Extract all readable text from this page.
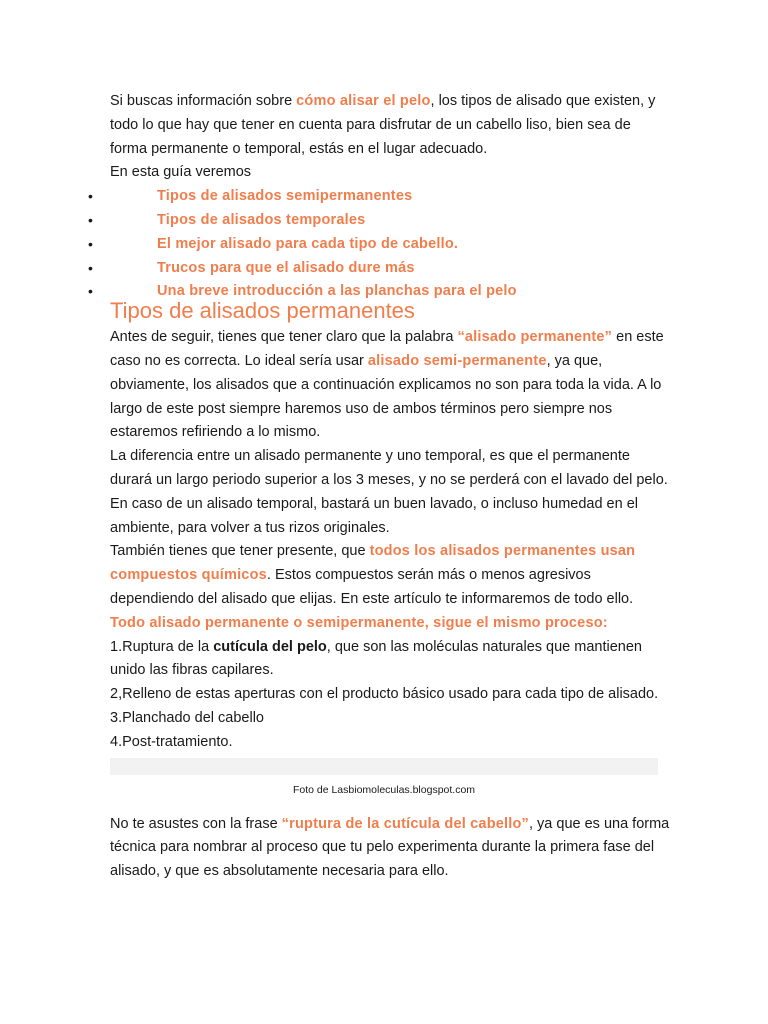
Si buscas información sobre cómo alisar el pelo, los tipos de alisado que existen, y todo lo que hay que tener en cuenta para disfrutar de un cabello liso, bien sea de forma permanente o temporal, estás en el lugar adecuado.

En esta guía veremos

•	Tipos de alisados semipermanentes
•	Tipos de alisados temporales
•	El mejor alisado para cada tipo de cabello.
•	Trucos para que el alisado dure más
•	Una breve introducción a las planchas para el pelo
Tipos de alisados permanentes

Antes de seguir, tienes que tener claro que la palabra “alisado permanente” en este caso no es correcta. Lo ideal sería usar alisado semi-permanente, ya que, obviamente, los alisados que a continuación explicamos no son para toda la vida. A lo largo de este post siempre haremos uso de ambos términos pero siempre nos estaremos refiriendo a lo mismo.

La diferencia entre un alisado permanente y uno temporal, es que el permanente durará un largo periodo superior a los 3 meses, y no se perderá con el lavado del pelo.

En caso de un alisado temporal, bastará un buen lavado, o incluso humedad en el ambiente, para volver a tus rizos originales.

También tienes que tener presente, que todos los alisados permanentes usan compuestos químicos. Estos compuestos serán más o menos agresivos dependiendo del alisado que elijas. En este artículo te informaremos de todo ello.

Todo alisado permanente o semipermanente, sigue el mismo proceso:

1.Ruptura de la cutícula del pelo, que son las moléculas naturales que mantienen unido las fibras capilares.

2,Relleno de estas aperturas con el producto básico usado para cada tipo de alisado.

3.Planchado del cabello

4.Post-tratamiento.

Foto de Lasbiomoleculas.blogspot.com

No te asustes con la frase “ruptura de la cutícula del cabello”, ya que es una forma técnica para nombrar al proceso que tu pelo experimenta durante la primera fase del alisado, y que es absolutamente necesaria para ello.
